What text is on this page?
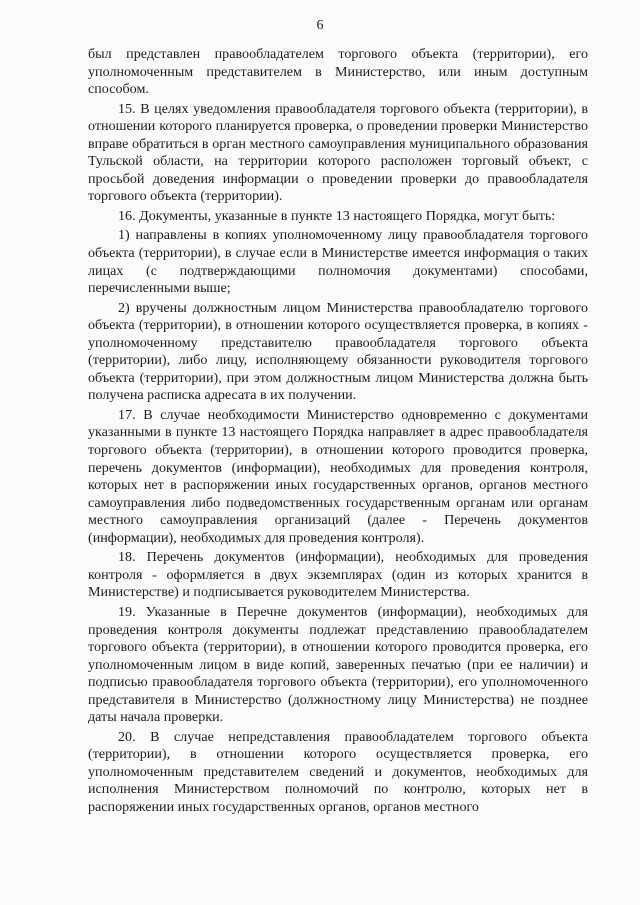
6

был представлен правообладателем торгового объекта (территории), его уполномоченным представителем в Министерство, или иным доступным способом.

15. В целях уведомления правообладателя торгового объекта (территории), в отношении которого планируется проверка, о проведении проверки Министерство вправе обратиться в орган местного самоуправления муниципального образования Тульской области, на территории которого расположен торговый объект, с просьбой доведения информации о проведении проверки до правообладателя торгового объекта (территории).

16. Документы, указанные в пункте 13 настоящего Порядка, могут быть:

1) направлены в копиях уполномоченному лицу правообладателя торгового объекта (территории), в случае если в Министерстве имеется информация о таких лицах (с подтверждающими полномочия документами) способами, перечисленными выше;

2) вручены должностным лицом Министерства правообладателю торгового объекта (территории), в отношении которого осуществляется проверка, в копиях - уполномоченному представителю правообладателя торгового объекта (территории), либо лицу, исполняющему обязанности руководителя торгового объекта (территории), при этом должностным лицом Министерства должна быть получена расписка адресата в их получении.

17. В случае необходимости Министерство одновременно с документами указанными в пункте 13 настоящего Порядка направляет в адрес правообладателя торгового объекта (территории), в отношении которого проводится проверка, перечень документов (информации), необходимых для проведения контроля, которых нет в распоряжении иных государственных органов, органов местного самоуправления либо подведомственных государственным органам или органам местного самоуправления организаций (далее - Перечень документов (информации), необходимых для проведения контроля).

18. Перечень документов (информации), необходимых для проведения контроля - оформляется в двух экземплярах (один из которых хранится в Министерстве) и подписывается руководителем Министерства.

19. Указанные в Перечне документов (информации), необходимых для проведения контроля документы подлежат представлению правообладателем торгового объекта (территории), в отношении которого проводится проверка, его уполномоченным лицом в виде копий, заверенных печатью (при ее наличии) и подписью правообладателя торгового объекта (территории), его уполномоченного представителя в Министерство (должностному лицу Министерства) не позднее даты начала проверки.

20. В случае непредставления правообладателем торгового объекта (территории), в отношении которого осуществляется проверка, его уполномоченным представителем сведений и документов, необходимых для исполнения Министерством полномочий по контролю, которых нет в распоряжении иных государственных органов, органов местного
